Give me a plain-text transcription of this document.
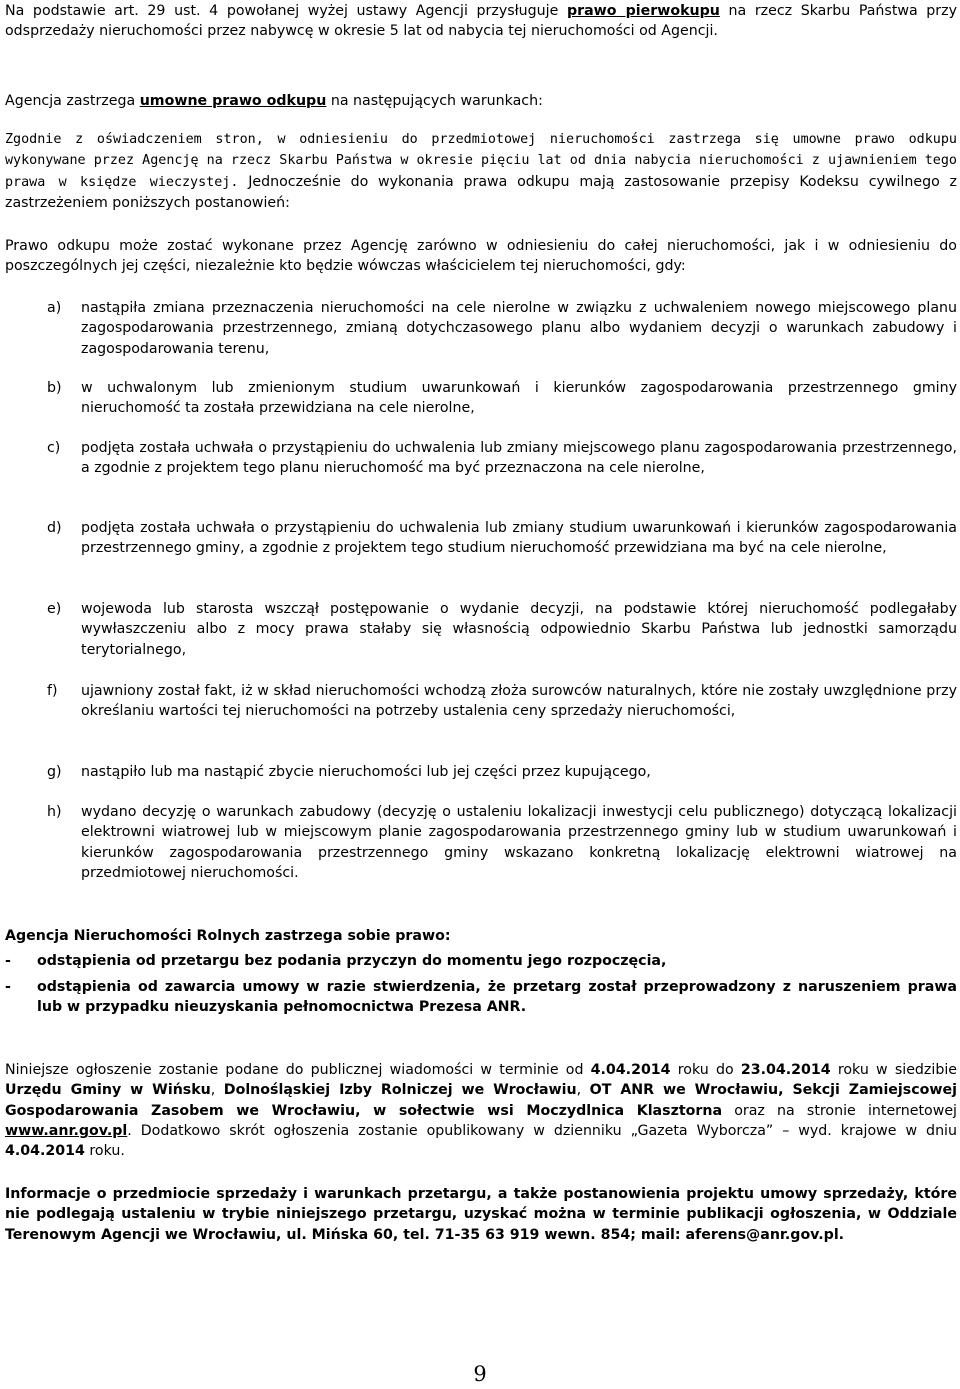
Na podstawie art. 29 ust. 4 powołanej wyżej ustawy Agencji przysługuje prawo pierwokupu na rzecz Skarbu Państwa przy odsprzedaży nieruchomości przez nabywcę w okresie 5 lat od nabycia tej nieruchomości od Agencji.

Agencja zastrzega umowne prawo odkupu na następujących warunkach:

Zgodnie z oświadczeniem stron, w odniesieniu do przedmiotowej nieruchomości zastrzega się umowne prawo odkupu wykonywane przez Agencję na rzecz Skarbu Państwa w okresie pięciu lat od dnia nabycia nieruchomości z ujawnieniem tego prawa w księdze wieczystej. Jednocześnie do wykonania prawa odkupu mają zastosowanie przepisy Kodeksu cywilnego z zastrzeżeniem poniższych postanowień:

Prawo odkupu może zostać wykonane przez Agencję zarówno w odniesieniu do całej nieruchomości, jak i w odniesieniu do poszczególnych jej części, niezależnie kto będzie wówczas właścicielem tej nieruchomości, gdy:

a) nastąpiła zmiana przeznaczenia nieruchomości na cele nierolne w związku z uchwaleniem nowego miejscowego planu zagospodarowania przestrzennego, zmianą dotychczasowego planu albo wydaniem decyzji o warunkach zabudowy i zagospodarowania terenu,
b) w uchwalonym lub zmienionym studium uwarunkowań i kierunków zagospodarowania przestrzennego gminy nieruchomość ta została przewidziana na cele nierolne,
c) podjęta została uchwała o przystąpieniu do uchwalenia lub zmiany miejscowego planu zagospodarowania przestrzennego, a zgodnie z projektem tego planu nieruchomość ma być przeznaczona na cele nierolne,
d) podjęta została uchwała o przystąpieniu do uchwalenia lub zmiany studium uwarunkowań i kierunków zagospodarowania przestrzennego gminy, a zgodnie z projektem tego studium nieruchomość przewidziana ma być na cele nierolne,
e) wojewoda lub starosta wszczął postępowanie o wydanie decyzji, na podstawie której nieruchomość podlegałaby wywłaszczeniu albo z mocy prawa stałaby się własnością odpowiednio Skarbu Państwa lub jednostki samorządu terytorialnego,
f) ujawniony został fakt, iż w skład nieruchomości wchodzą złoża surowców naturalnych, które nie zostały uwzględnione przy określaniu wartości tej nieruchomości na potrzeby ustalenia ceny sprzedaży nieruchomości,
g) nastąpiło lub ma nastąpić zbycie nieruchomości lub jej części przez kupującego,
h) wydano decyzję o warunkach zabudowy (decyzję o ustaleniu lokalizacji inwestycji celu publicznego) dotyczącą lokalizacji elektrowni wiatrowej lub w miejscowym planie zagospodarowania przestrzennego gminy lub w studium uwarunkowań i kierunków zagospodarowania przestrzennego gminy wskazano konkretną lokalizację elektrowni wiatrowej na przedmiotowej nieruchomości.

Agencja Nieruchomości Rolnych zastrzega sobie prawo:

- odstąpienia od przetargu bez podania przyczyn do momentu jego rozpoczęcia,
- odstąpienia od zawarcia umowy w razie stwierdzenia, że przetarg został przeprowadzony z naruszeniem prawa lub w przypadku nieuzyskania pełnomocnictwa Prezesa ANR.

Niniejsze ogłoszenie zostanie podane do publicznej wiadomości w terminie od 4.04.2014 roku do 23.04.2014 roku w siedzibie Urzędu Gminy w Wińsku, Dolnośląskiej Izby Rolniczej we Wrocławiu, OT ANR we Wrocławiu, Sekcji Zamiejscowej Gospodarowania Zasobem we Wrocławiu, w sołectwie wsi Moczydlnica Klasztorna oraz na stronie internetowej www.anr.gov.pl. Dodatkowo skrót ogłoszenia zostanie opublikowany w dzienniku „Gazeta Wyborcza” – wyd. krajowe w dniu 4.04.2014 roku.

Informacje o przedmiocie sprzedaży i warunkach przetargu, a także postanowienia projektu umowy sprzedaży, które nie podlegają ustaleniu w trybie niniejszego przetargu, uzyskać można w terminie publikacji ogłoszenia, w Oddziale Terenowym Agencji we Wrocławiu, ul. Mińska 60, tel. 71-35 63 919 wewn. 854; mail: aferens@anr.gov.pl.

9
